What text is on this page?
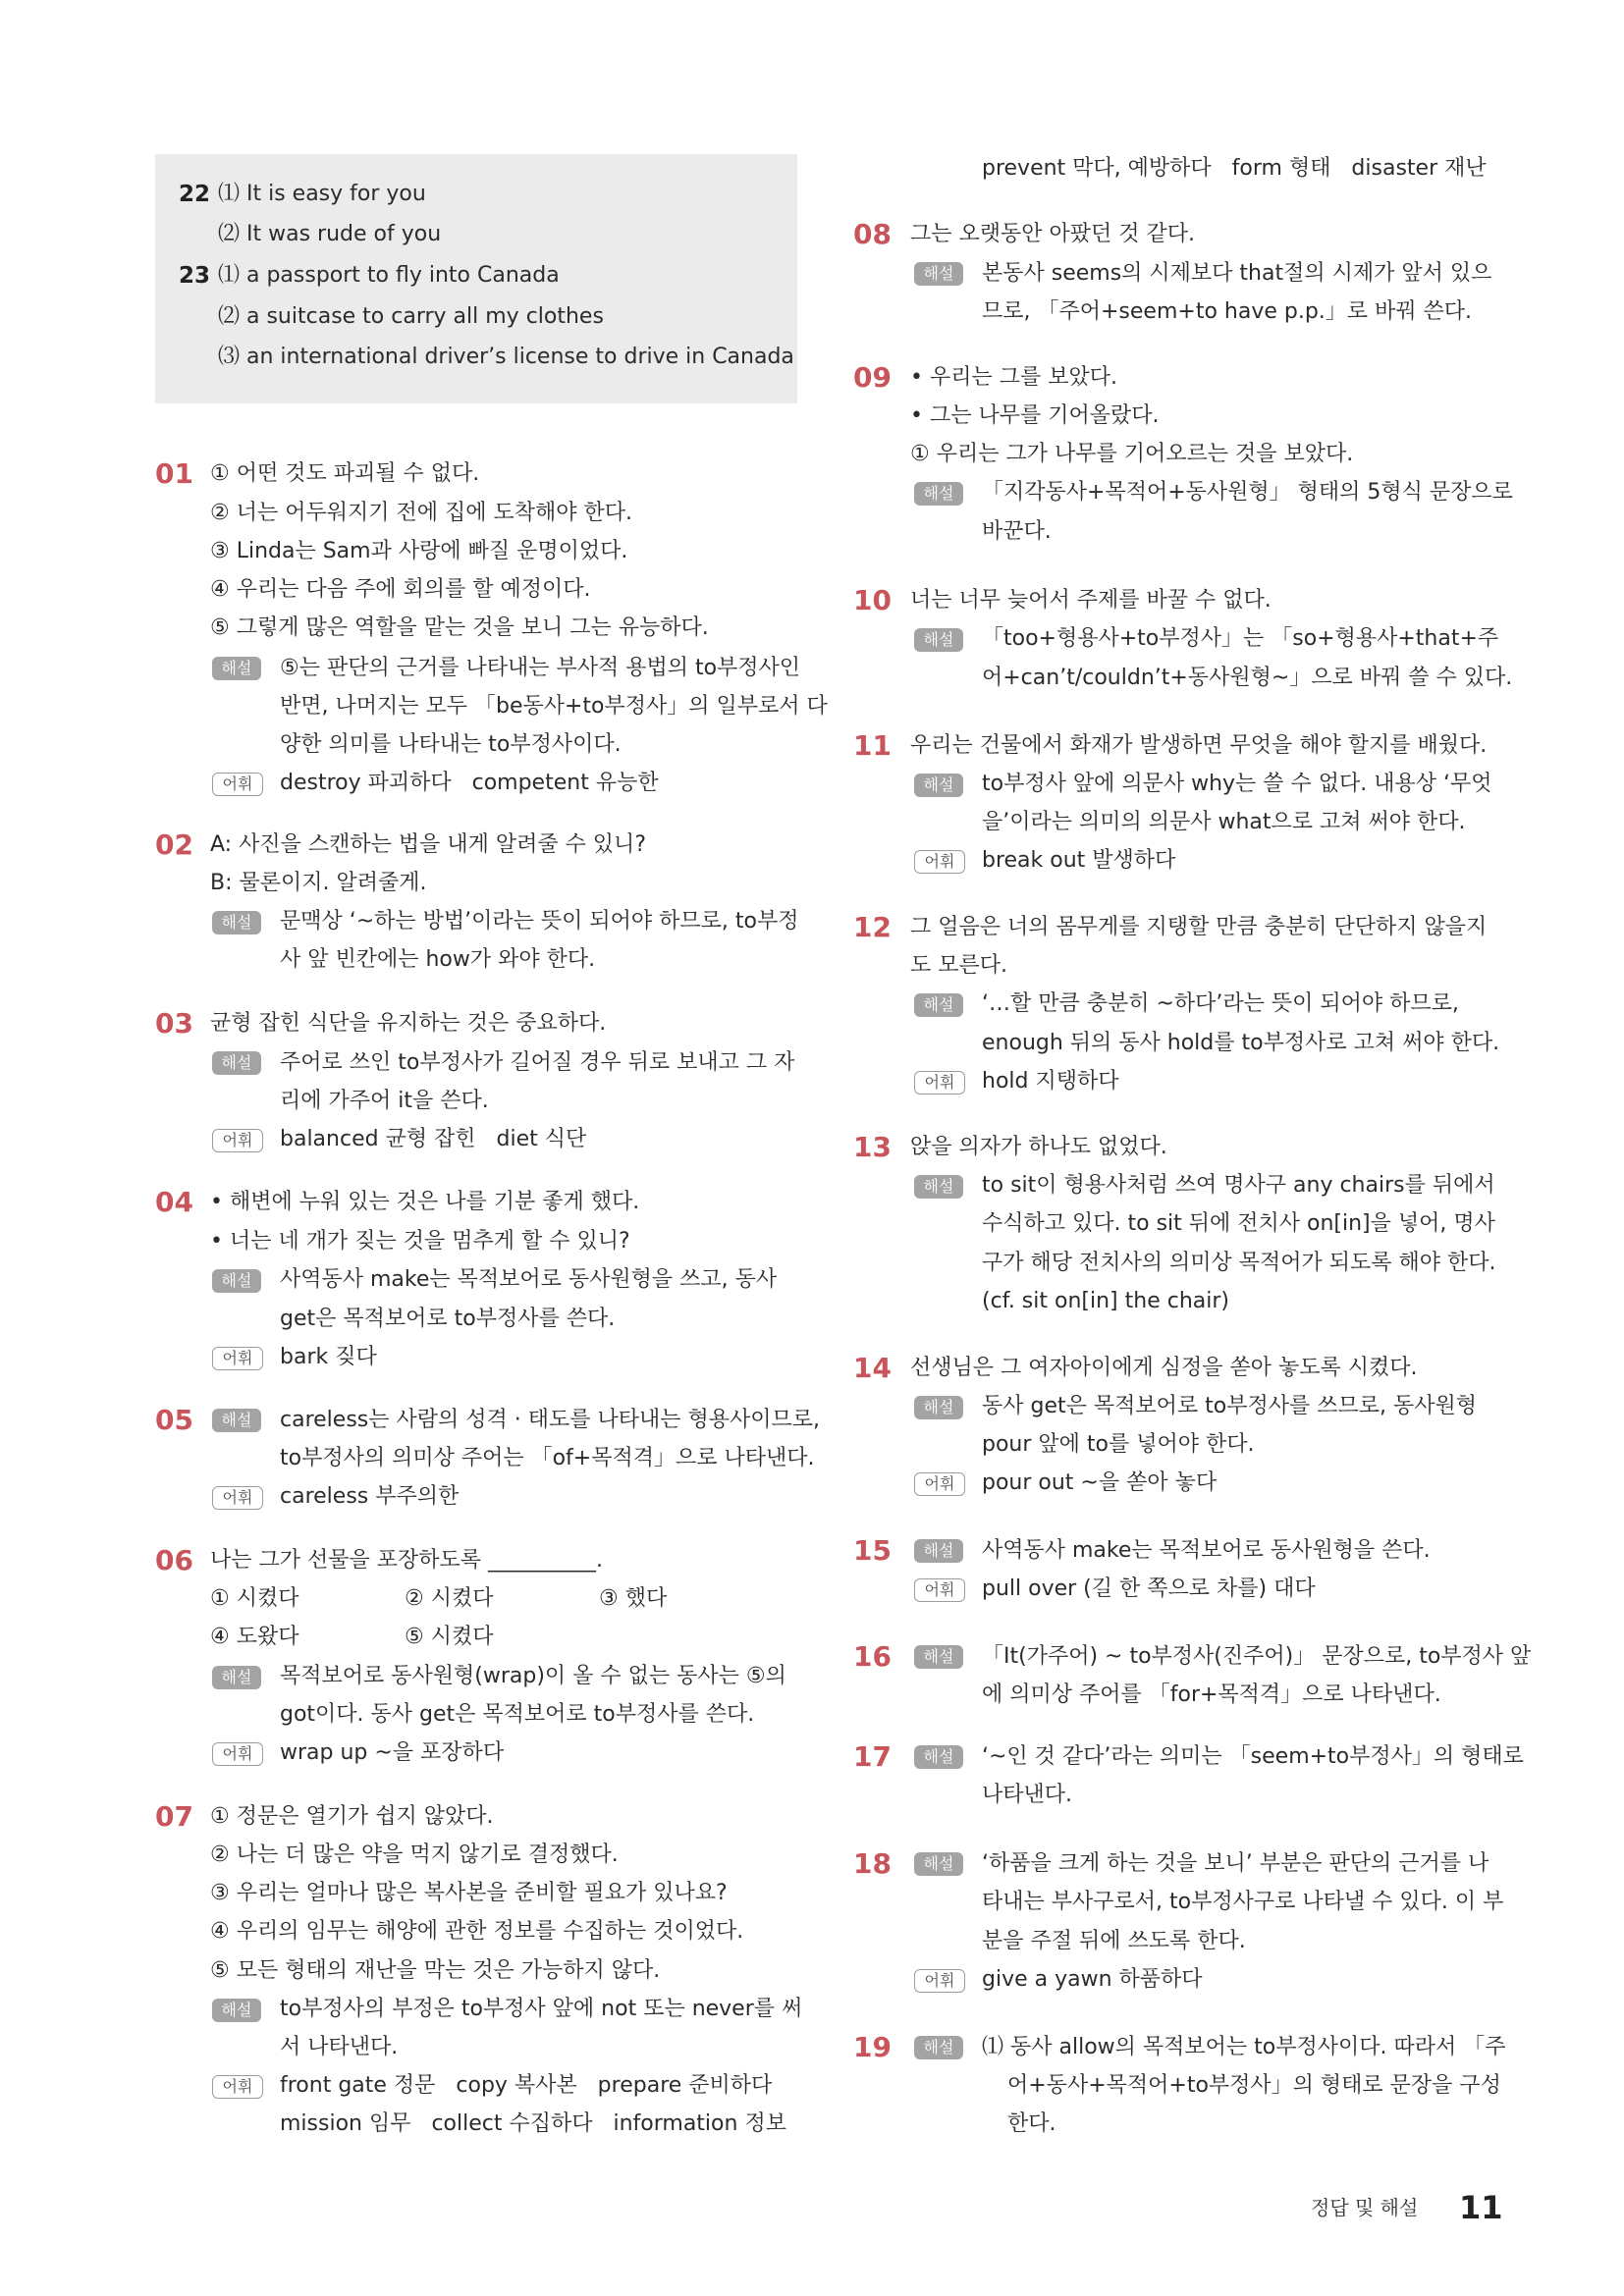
22 ⑴ It is easy for you
⑵ It was rude of you
23 ⑴ a passport to fly into Canada
⑵ a suitcase to carry all my clothes
⑶ an international driver’s license to drive in Canada
01 ① 어떤 것도 파괴될 수 없다.
② 너는 어두워지기 전에 집에 도착해야 한다.
③ Linda는 Sam과 사랑에 빠질 운명이었다.
④ 우리는 다음 주에 회의를 할 예정이다.
⑤ 그렇게 많은 역할을 맡는 것을 보니 그는 유능하다.
해설	⑤는 판단의 근거를 나타내는 부사적 용법의 to부정사인
반면, 나머지는 모두 「be동사+to부정사」의 일부로서 다
양한 의미를 나타내는 to부정사이다.
어휘	destroy 파괴하다   competent 유능한
02 A: 사진을 스캔하는 법을 내게 알려줄 수 있니?
B: 물론이지. 알려줄게.
해설	문맥상 ‘~하는 방법’이라는 뜻이 되어야 하므로, to부정
사 앞 빈칸에는 how가 와야 한다.
03 균형 잡힌 식단을 유지하는 것은 중요하다.
해설	주어로 쓰인 to부정사가 길어질 경우 뒤로 보내고 그 자
리에 가주어 it을 쓴다.
어휘	balanced 균형 잡힌   diet 식단
04 • 해변에 누워 있는 것은 나를 기분 좋게 했다.
• 너는 네 개가 짖는 것을 멈추게 할 수 있니?
해설	사역동사 make는 목적보어로 동사원형을 쓰고, 동사
get은 목적보어로 to부정사를 쓴다.
어휘	bark 짖다
05	해설	careless는 사람의 성격 · 태도를 나타내는 형용사이므로,
to부정사의 의미상 주어는 「of+목적격」으로 나타낸다.
어휘	careless 부주의한
06 나는 그가 선물을 포장하도록 __________.
① 시켰다	② 시켰다	③ 했다
④ 도왔다	⑤ 시켰다
해설	목적보어로 동사원형(wrap)이 올 수 없는 동사는 ⑤의
got이다. 동사 get은 목적보어로 to부정사를 쓴다.
어휘	wrap up ~을 포장하다
07 ① 정문은 열기가 쉽지 않았다.
② 나는 더 많은 약을 먹지 않기로 결정했다.
③ 우리는 얼마나 많은 복사본을 준비할 필요가 있나요?
④ 우리의 임무는 해양에 관한 정보를 수집하는 것이었다.
⑤ 모든 형태의 재난을 막는 것은 가능하지 않다.
해설	to부정사의 부정은 to부정사 앞에 not 또는 never를 써
서 나타낸다.
어휘	front gate 정문   copy 복사본   prepare 준비하다
mission 임무   collect 수집하다   information 정보
prevent 막다, 예방하다   form 형태   disaster 재난
08 그는 오랫동안 아팠던 것 같다.
해설	본동사 seems의 시제보다 that절의 시제가 앞서 있으
므로, 「주어+seem+to have p.p.」로 바꿔 쓴다.
09 • 우리는 그를 보았다.
• 그는 나무를 기어올랐다.
① 우리는 그가 나무를 기어오르는 것을 보았다.
해설	「지각동사+목적어+동사원형」 형태의 5형식 문장으로
바꾼다.
10 너는 너무 늦어서 주제를 바꿀 수 없다.
해설	「too+형용사+to부정사」는 「so+형용사+that+주
어+can’t/couldn’t+동사원형~」으로 바꿔 쓸 수 있다.
11 우리는 건물에서 화재가 발생하면 무엇을 해야 할지를 배웠다.
해설	to부정사 앞에 의문사 why는 쓸 수 없다. 내용상 ‘무엇
을’이라는 의미의 의문사 what으로 고쳐 써야 한다.
어휘	break out 발생하다
12 그 얼음은 너의 몸무게를 지탱할 만큼 충분히 단단하지 않을지
도 모른다.
해설	‘…할 만큼 충분히 ~하다’라는 뜻이 되어야 하므로,
enough 뒤의 동사 hold를 to부정사로 고쳐 써야 한다.
어휘	hold 지탱하다
13 앉을 의자가 하나도 없었다.
해설	to sit이 형용사처럼 쓰여 명사구 any chairs를 뒤에서
수식하고 있다. to sit 뒤에 전치사 on[in]을 넣어, 명사
구가 해당 전치사의 의미상 목적어가 되도록 해야 한다.
(cf. sit on[in] the chair)
14 선생님은 그 여자아이에게 심정을 쏟아 놓도록 시켰다.
해설	동사 get은 목적보어로 to부정사를 쓰므로, 동사원형
pour 앞에 to를 넣어야 한다.
어휘	pour out ~을 쏟아 놓다
15	해설	사역동사 make는 목적보어로 동사원형을 쓴다.
어휘	pull over (길 한 쪽으로 차를) 대다
16	해설	「It(가주어) ~ to부정사(진주어)」 문장으로, to부정사 앞
에 의미상 주어를 「for+목적격」으로 나타낸다.
17	해설	‘~인 것 같다’라는 의미는 「seem+to부정사」의 형태로
나타낸다.
18	해설	‘하품을 크게 하는 것을 보니’ 부분은 판단의 근거를 나
타내는 부사구로서, to부정사구로 나타낼 수 있다. 이 부
분을 주절 뒤에 쓰도록 한다.
어휘	give a yawn 하품하다
19	해설	⑴ 동사 allow의 목적보어는 to부정사이다. 따라서 「주
어+동사+목적어+to부정사」의 형태로 문장을 구성
한다.
정답 및 해설 11
